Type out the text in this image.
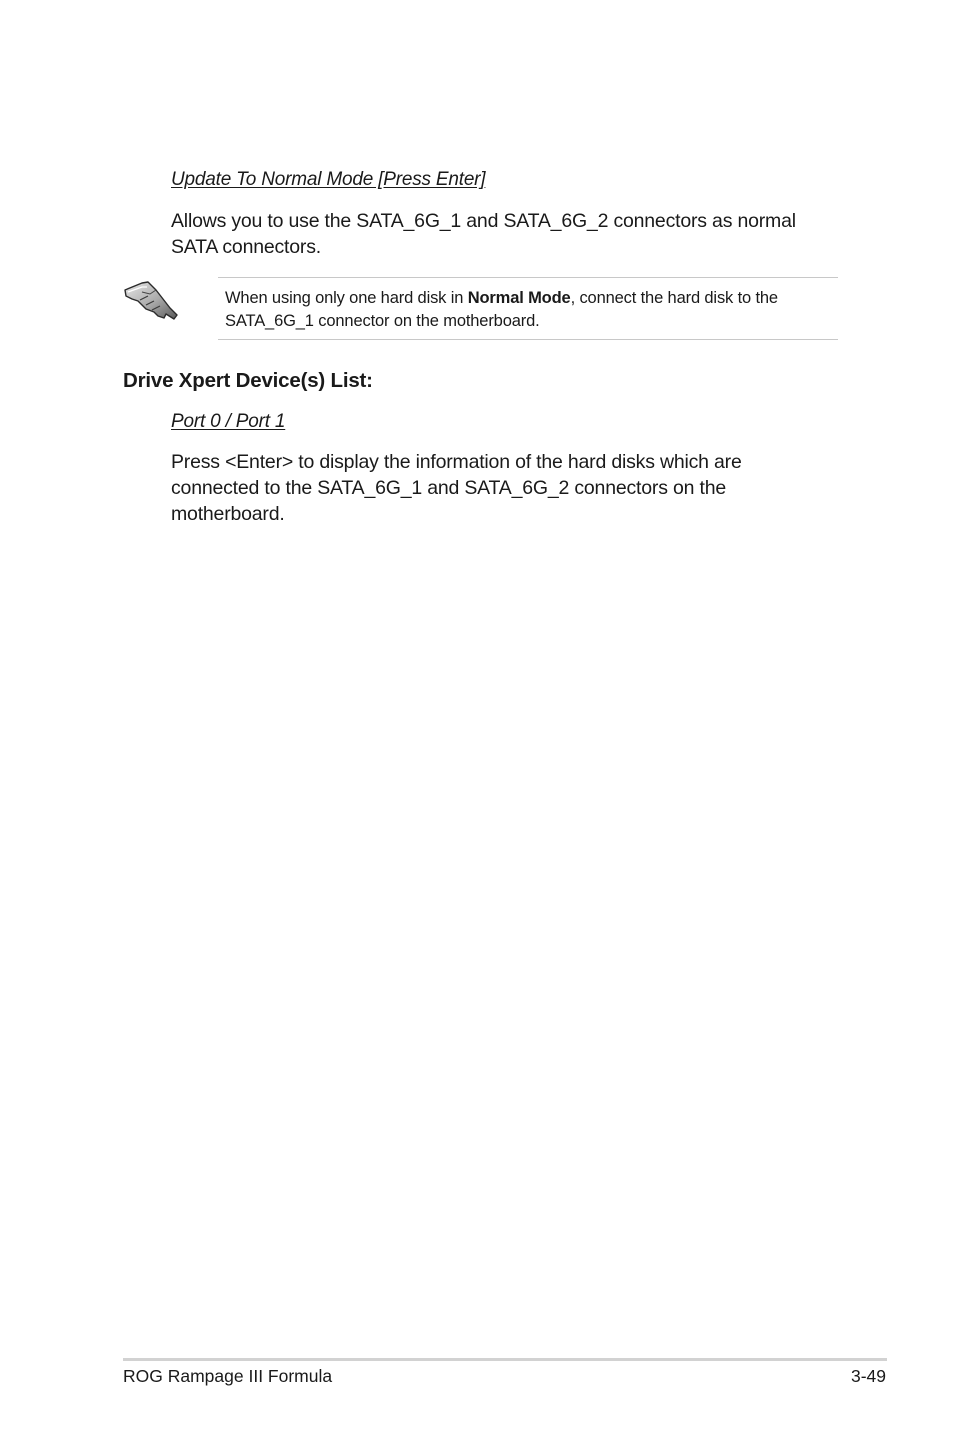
Update To Normal Mode [Press Enter]
Allows you to use the SATA_6G_1 and SATA_6G_2 connectors as normal SATA connectors.
When using only one hard disk in Normal Mode, connect the hard disk to the SATA_6G_1 connector on the motherboard.
Drive Xpert Device(s) List:
Port 0 / Port 1
Press <Enter> to display the information of the hard disks which are connected to the SATA_6G_1 and SATA_6G_2 connectors on the motherboard.
ROG Rampage III Formula	3-49
